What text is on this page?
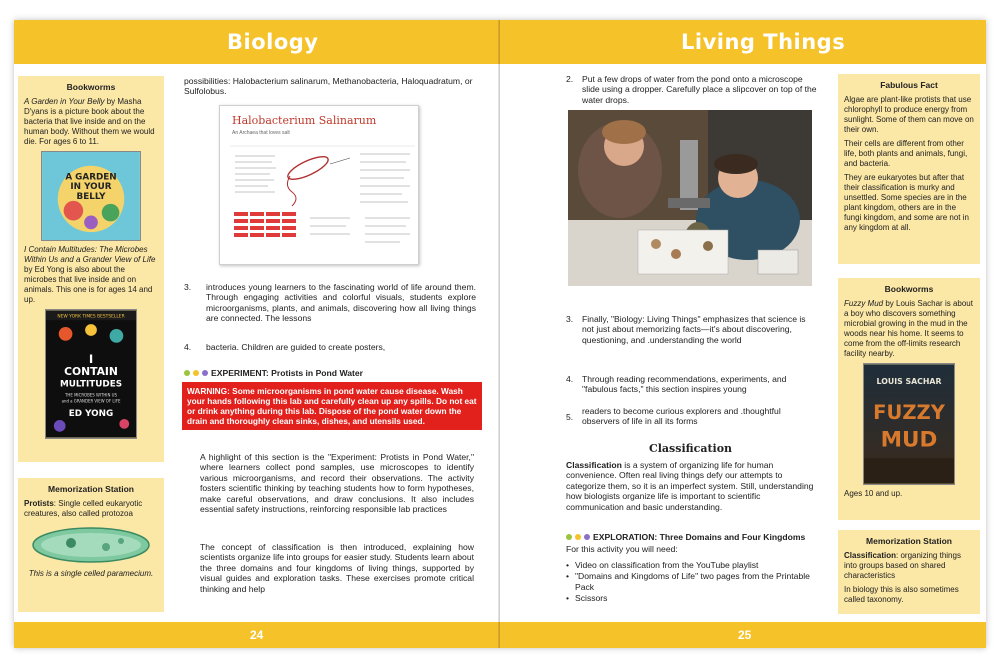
Biology
Bookworms

A Garden in Your Belly by Masha D'yans is a picture book about the bacteria that live inside and on the human body. Without them we would die. For ages 6 to 11.

A GARDEN
IN YOUR
BELLY

I Contain Multitudes: The Microbes Within Us and a Grander View of Life by Ed Yong is also about the microbes that live inside and on animals. This one is for ages 14 and up.

NEW YORK TIMES BESTSELLER
I
CONTAIN
MULTITUDES
THE MICROBES WITHIN US
and a GRANDER VIEW OF LIFE
ED YONG
Memorization Station

Protists: Single celled eukaryotic creatures, also called protozoa

This is a single celled paramecium.

possibilities: Halobacterium salinarum, Methanobacteria, Haloquadratum, or Sulfolobus.
Halobacterium Salinarum
An Archaea that loves salt
3. introduces young learners to the fascinating world of life around them. Through engaging activities and colorful visuals, students explore microorganisms, plants, and animals, discovering how all living things are connected. The lessons
4. bacteria. Children are guided to create posters,
EXPERIMENT: Protists in Pond Water
WARNING: Some microorganisms in pond water cause disease. Wash your hands following this lab and carefully clean up any spills. Do not eat or drink anything during this lab. Dispose of the pond water down the drain and thoroughly clean sinks, dishes, and utensils used.
A highlight of this section is the "Experiment: Protists in Pond Water," where learners collect pond samples, use microscopes to identify various microorganisms, and record their observations. The activity fosters scientific thinking by teaching students how to form hypotheses, make careful observations, and draw conclusions. It also includes essential safety instructions, reinforcing responsible lab practices
The concept of classification is then introduced, explaining how scientists organize life into groups for easier study. Students learn about the three domains and four kingdoms of living things, supported by visual guides and exploration tasks. These exercises promote critical thinking and help
24
Living Things
2. Put a few drops of water from the pond onto a microscope slide using a dropper. Carefully place a slipcover on top of the water drops.
3. Finally, "Biology: Living Things" emphasizes that science is not just about memorizing facts—it's about discovering, questioning, and .understanding the world
4. Through reading recommendations, experiments, and "fabulous facts," this section inspires young
5.
readers to become curious explorers and .thoughtful observers of life in all its forms
Classification
Classification is a system of organizing life for human convenience. Often real living things defy our attempts to categorize them, so it is an imperfect system. Still, understanding how biologists organize life is important to scientific communication and basic understanding.
EXPLORATION: Three Domains and Four Kingdoms
For this activity you will need:
• Video on classification from the YouTube playlist
• "Domains and Kingdoms of Life" two pages from the Printable Pack
• Scissors
Fabulous Fact

Algae are plant-like protists that use chlorophyll to produce energy from sunlight. Some of them can move on their own.

Their cells are different from other life, both plants and animals, fungi, and bacteria.

They are eukaryotes but after that their classification is murky and unsettled. Some species are in the plant kingdom, others are in the fungi kingdom, and some are not in any kingdom at all.

Bookworms

Fuzzy Mud by Louis Sachar is about a boy who discovers something microbial growing in the mud in the woods near his home. It seems to come from the off-limits research facility nearby.

LOUIS SACHAR
FUZZY
MUD

Ages 10 and up.

Memorization Station

Classification: organizing things into groups based on shared characteristics

In biology this is also sometimes called taxonomy.

25
